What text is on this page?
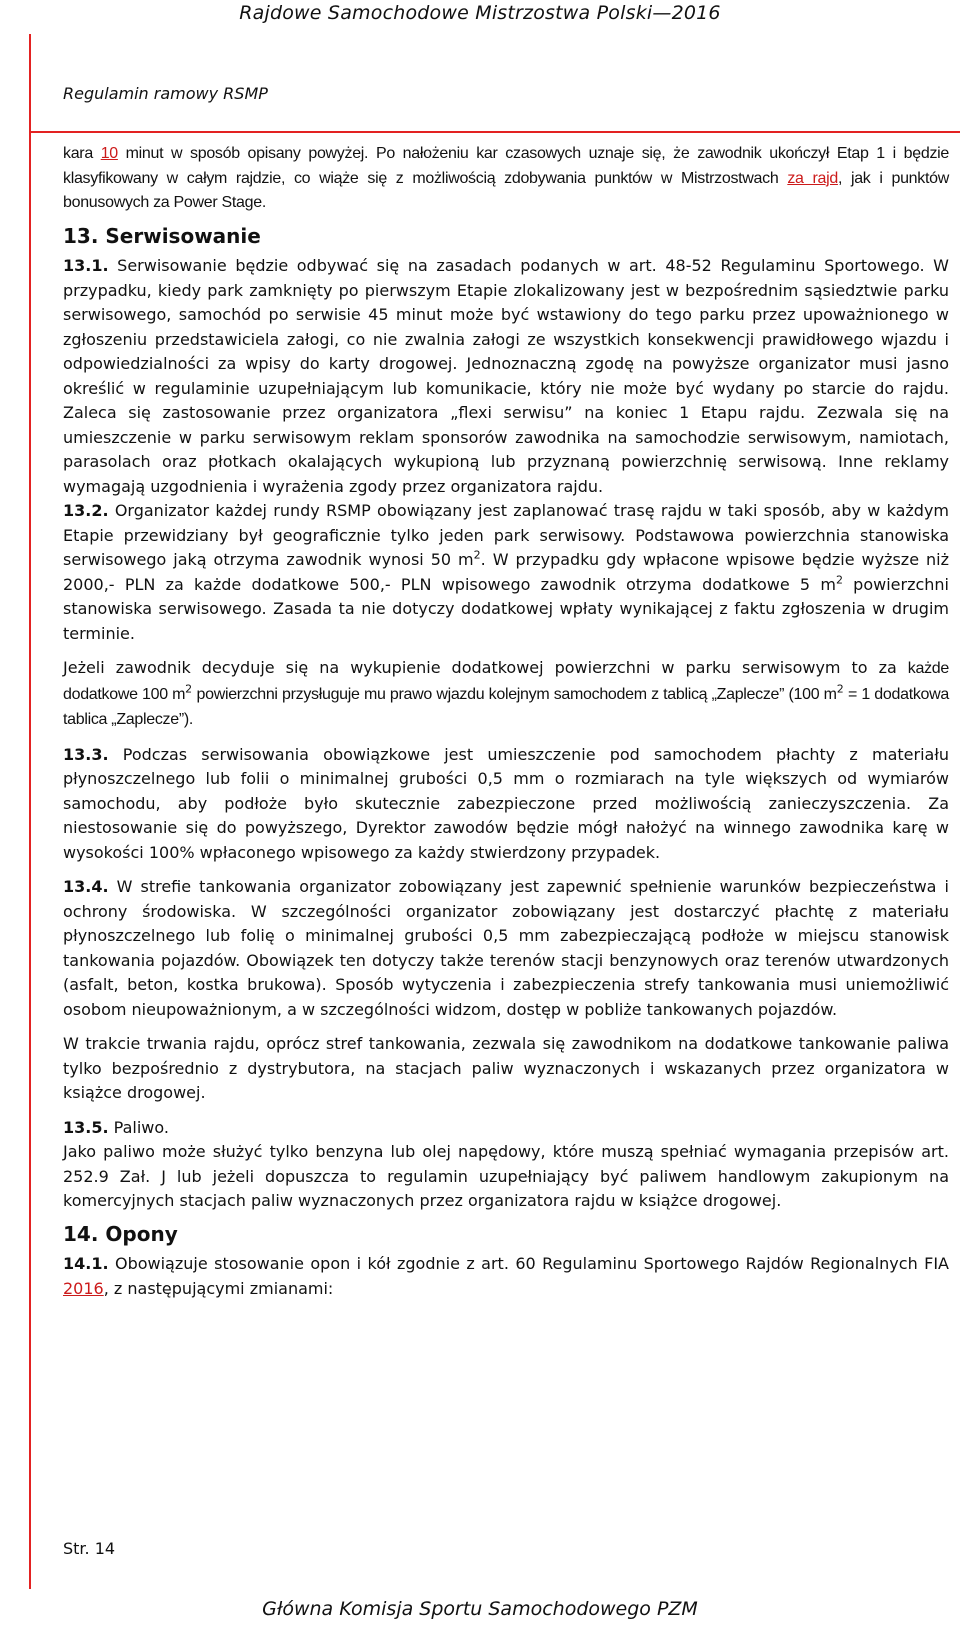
Rajdowe Samochodowe Mistrzostwa Polski—2016
Regulamin ramowy RSMP

kara 10 minut w sposób opisany powyżej. Po nałożeniu kar czasowych uznaje się, że zawodnik ukończył Etap 1 i będzie klasyfikowany w całym rajdzie, co wiąże się z możliwością zdobywania punktów w Mistrzostwach za rajd, jak i punktów bonusowych za Power Stage.

13. Serwisowanie

13.1. Serwisowanie będzie odbywać się na zasadach podanych w art. 48-52 Regulaminu Sportowego. W przypadku, kiedy park zamknięty po pierwszym Etapie zlokalizowany jest w bezpośrednim sąsiedztwie parku serwisowego, samochód po serwisie 45 minut może być wstawiony do tego parku przez upoważnionego w zgłoszeniu przedstawiciela załogi, co nie zwalnia załogi ze wszystkich konsekwencji prawidłowego wjazdu i odpowiedzialności za wpisy do karty drogowej. Jednoznaczną zgodę na powyższe organizator musi jasno określić w regulaminie uzupełniającym lub komunikacie, który nie może być wydany po starcie do rajdu. Zaleca się zastosowanie przez organizatora „flexi serwisu” na koniec 1 Etapu rajdu. Zezwala się na umieszczenie w parku serwisowym reklam sponsorów zawodnika na samochodzie serwisowym, namiotach, parasolach oraz płotkach okalających wykupioną lub przyznaną powierzchnię serwisową. Inne reklamy wymagają uzgodnienia i wyrażenia zgody przez organizatora rajdu.

13.2. Organizator każdej rundy RSMP obowiązany jest zaplanować trasę rajdu w taki sposób, aby w każdym Etapie przewidziany był geograficznie tylko jeden park serwisowy. Podstawowa powierzchnia stanowiska serwisowego jaką otrzyma zawodnik wynosi 50 $m^2$. W przypadku gdy wpłacone wpisowe będzie wyższe niż 2000,- PLN za każde dodatkowe 500,- PLN wpisowego zawodnik otrzyma dodatkowe 5 $m^2$ powierzchni stanowiska serwisowego. Zasada ta nie dotyczy dodatkowej wpłaty wynikającej z faktu zgłoszenia w drugim terminie.

Jeżeli zawodnik decyduje się na wykupienie dodatkowej powierzchni w parku serwisowym to za każde dodatkowe 100 $m^2$ powierzchni przysługuje mu prawo wjazdu kolejnym samochodem z tablicą „Zaplecze” (100 $m^2 = 1$ dodatkowa tablica „Zaplecze”).

13.3. Podczas serwisowania obowiązkowe jest umieszczenie pod samochodem płachty z materiału płynoszczelnego lub folii o minimalnej grubości 0,5 mm o rozmiarach na tyle większych od wymiarów samochodu, aby podłoże było skutecznie zabezpieczone przed możliwością zanieczyszczenia. Za niestosowanie się do powyższego, Dyrektor zawodów będzie mógł nałożyć na winnego zawodnika karę w wysokości 100% wpłaconego wpisowego za każdy stwierdzony przypadek.

13.4. W strefie tankowania organizator zobowiązany jest zapewnić spełnienie warunków bezpieczeństwa i ochrony środowiska. W szczególności organizator zobowiązany jest dostarczyć płachtę z materiału płynoszczelnego lub folię o minimalnej grubości 0,5 mm zabezpieczającą podłoże w miejscu stanowisk tankowania pojazdów. Obowiązek ten dotyczy także terenów stacji benzynowych oraz terenów utwardzonych (asfalt, beton, kostka brukowa). Sposób wytyczenia i zabezpieczenia strefy tankowania musi uniemożliwić osobom nieupoważnionym, a w szczególności widzom, dostęp w pobliże tankowanych pojazdów.

W trakcie trwania rajdu, oprócz stref tankowania, zezwala się zawodnikom na dodatkowe tankowanie paliwa tylko bezpośrednio z dystrybutora, na stacjach paliw wyznaczonych i wskazanych przez organizatora w książce drogowej.

13.5. Paliwo.

Jako paliwo może służyć tylko benzyna lub olej napędowy, które muszą spełniać wymagania przepisów art. 252.9 Zał. J lub jeżeli dopuszcza to regulamin uzupełniający być paliwem handlowym zakupionym na komercyjnych stacjach paliw wyznaczonych przez organizatora rajdu w książce drogowej.

14. Opony

14.1. Obowiązuje stosowanie opon i kół zgodnie z art. 60 Regulaminu Sportowego Rajdów Regionalnych FIA 2016, z następującymi zmianami:

Str. 14
Główna Komisja Sportu Samochodowego PZM
